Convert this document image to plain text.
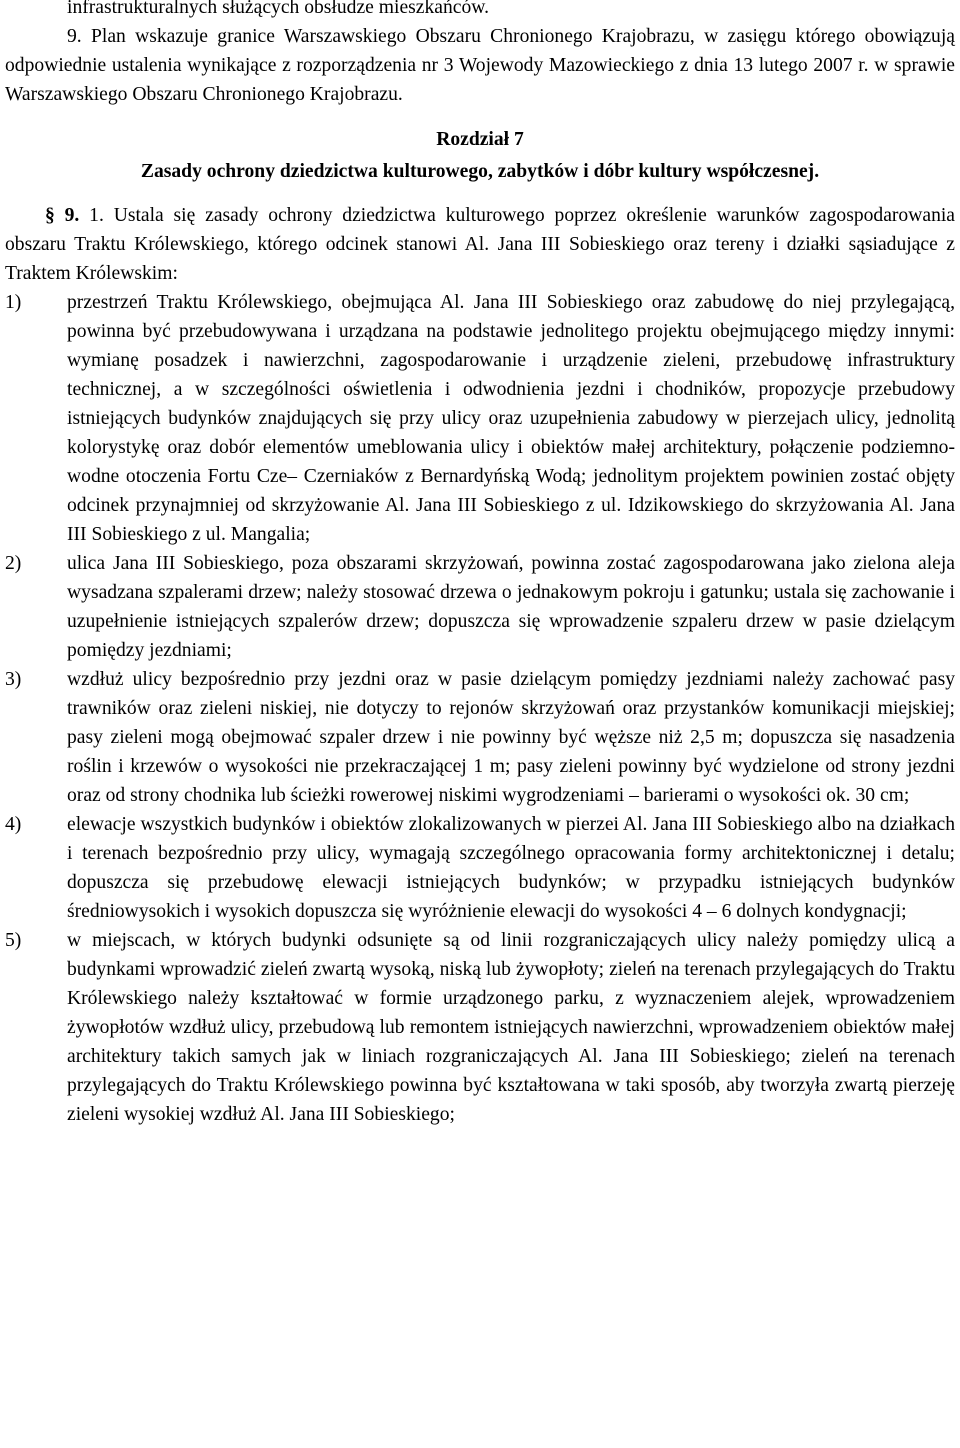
infrastrukturalnych służących obsłudze mieszkańców.

9. Plan wskazuje granice Warszawskiego Obszaru Chronionego Krajobrazu, w zasięgu którego obowiązują odpowiednie ustalenia wynikające z rozporządzenia nr 3 Wojewody Mazowieckiego z dnia 13 lutego 2007 r. w sprawie Warszawskiego Obszaru Chronionego Krajobrazu.

Rozdział 7
Zasady ochrony dziedzictwa kulturowego, zabytków i dóbr kultury współczesnej.

§ 9. 1. Ustala się zasady ochrony dziedzictwa kulturowego poprzez określenie warunków zagospodarowania obszaru Traktu Królewskiego, którego odcinek stanowi Al. Jana III Sobieskiego oraz tereny i działki sąsiadujące z Traktem Królewskim:

1) przestrzeń Traktu Królewskiego, obejmująca Al. Jana III Sobieskiego oraz zabudowę do niej przylegającą, powinna być przebudowywana i urządzana na podstawie jednolitego projektu obejmującego między innymi: wymianę posadzek i nawierzchni, zagospodarowanie i urządzenie zieleni, przebudowę infrastruktury technicznej, a w szczególności oświetlenia i odwodnienia jezdni i chodników, propozycje przebudowy istniejących budynków znajdujących się przy ulicy oraz uzupełnienia zabudowy w pierzejach ulicy, jednolitą kolorystykę oraz dobór elementów umeblowania ulicy i obiektów małej architektury, połączenie podziemno-wodne otoczenia Fortu Cze– Czerniaków z Bernardyńską Wodą; jednolitym projektem powinien zostać objęty odcinek przynajmniej od skrzyżowanie Al. Jana III Sobieskiego z ul. Idzikowskiego do skrzyżowania Al. Jana III Sobieskiego z ul. Mangalia;
2) ulica Jana III Sobieskiego, poza obszarami skrzyżowań, powinna zostać zagospodarowana jako zielona aleja wysadzana szpalerami drzew; należy stosować drzewa o jednakowym pokroju i gatunku; ustala się zachowanie i uzupełnienie istniejących szpalerów drzew; dopuszcza się wprowadzenie szpaleru drzew w pasie dzielącym pomiędzy jezdniami;
3) wzdłuż ulicy bezpośrednio przy jezdni oraz w pasie dzielącym pomiędzy jezdniami należy zachować pasy trawników oraz zieleni niskiej, nie dotyczy to rejonów skrzyżowań oraz przystanków komunikacji miejskiej; pasy zieleni mogą obejmować szpaler drzew i nie powinny być węższe niż 2,5 m; dopuszcza się nasadzenia roślin i krzewów o wysokości nie przekraczającej 1 m; pasy zieleni powinny być wydzielone od strony jezdni oraz od strony chodnika lub ścieżki rowerowej niskimi wygrodzeniami – barierami o wysokości ok. 30 cm;
4) elewacje wszystkich budynków i obiektów zlokalizowanych w pierzei Al. Jana III Sobieskiego albo na działkach i terenach bezpośrednio przy ulicy, wymagają szczególnego opracowania formy architektonicznej i detalu; dopuszcza się przebudowę elewacji istniejących budynków; w przypadku istniejących budynków średniowysokich i wysokich dopuszcza się wyróżnienie elewacji do wysokości 4 – 6 dolnych kondygnacji;
5) w miejscach, w których budynki odsunięte są od linii rozgraniczających ulicy należy pomiędzy ulicą a budynkami wprowadzić zieleń zwartą wysoką, niską lub żywopłoty; zieleń na terenach przylegających do Traktu Królewskiego należy kształtować w formie urządzonego parku, z wyznaczeniem alejek, wprowadzeniem żywopłotów wzdłuż ulicy, przebudową lub remontem istniejących nawierzchni, wprowadzeniem obiektów małej architektury takich samych jak w liniach rozgraniczających Al. Jana III Sobieskiego; zieleń na terenach przylegających do Traktu Królewskiego powinna być kształtowana w taki sposób, aby tworzyła zwartą pierzeję zieleni wysokiej wzdłuż Al. Jana III Sobieskiego;
